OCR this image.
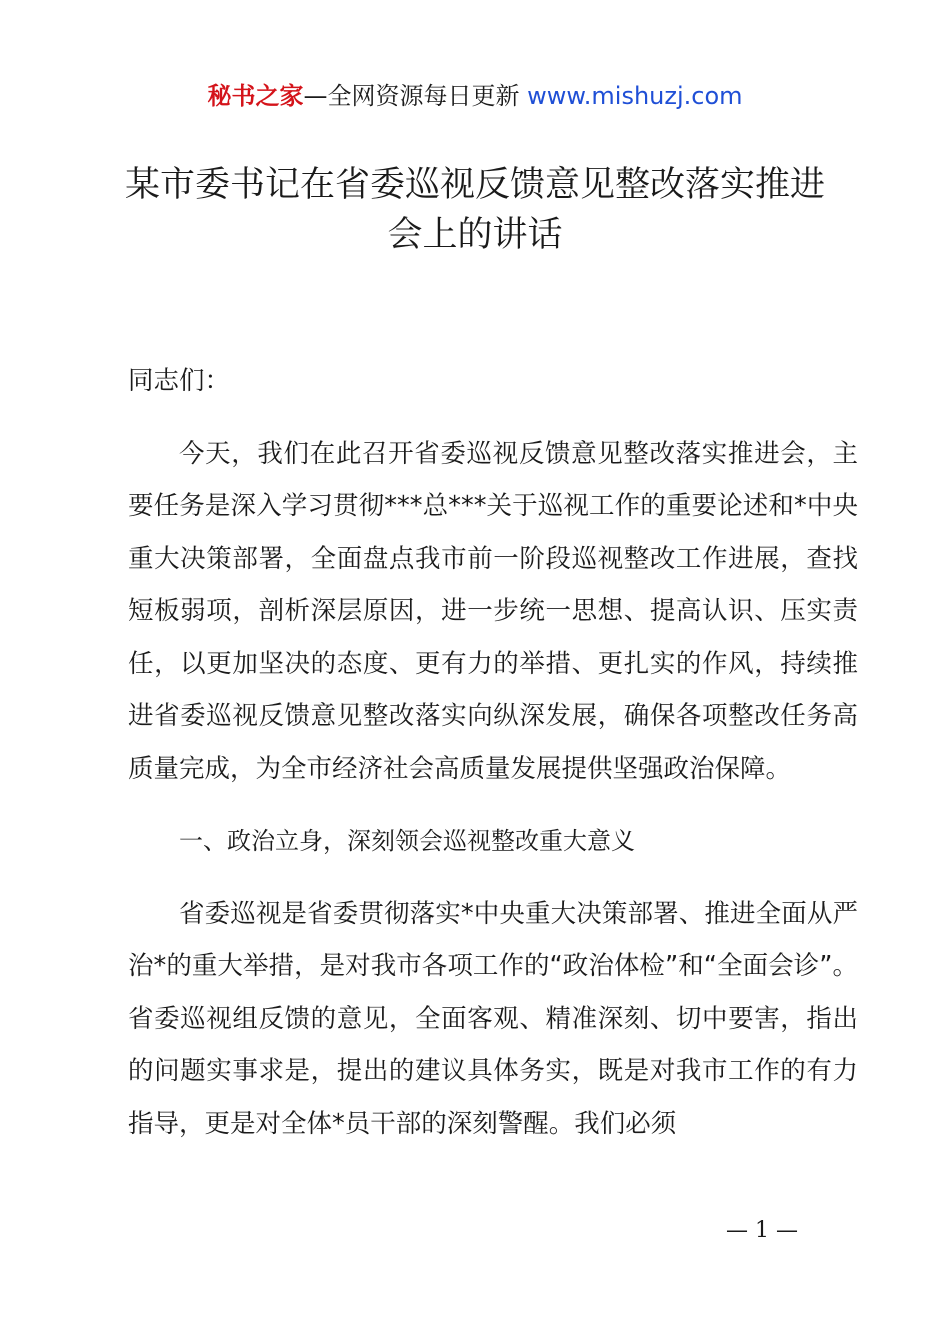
秘书之家—全网资源每日更新 www.mishuzj.com
某市委书记在省委巡视反馈意见整改落实推进
会上的讲话

同志们：

今天，我们在此召开省委巡视反馈意见整改落实推进会，主要任务是深入学习贯彻***总***关于巡视工作的重要论述和*中央重大决策部署，全面盘点我市前一阶段巡视整改工作进展，查找短板弱项，剖析深层原因，进一步统一思想、提高认识、压实责任，以更加坚决的态度、更有力的举措、更扎实的作风，持续推进省委巡视反馈意见整改落实向纵深发展，确保各项整改任务高质量完成，为全市经济社会高质量发展提供坚强政治保障。

一、政治立身，深刻领会巡视整改重大意义

省委巡视是省委贯彻落实*中央重大决策部署、推进全面从严治*的重大举措，是对我市各项工作的“政治体检”和“全面会诊”。省委巡视组反馈的意见，全面客观、精准深刻、切中要害，指出的问题实事求是，提出的建议具体务实，既是对我市工作的有力指导，更是对全体*员干部的深刻警醒。我们必须

— 1 —
